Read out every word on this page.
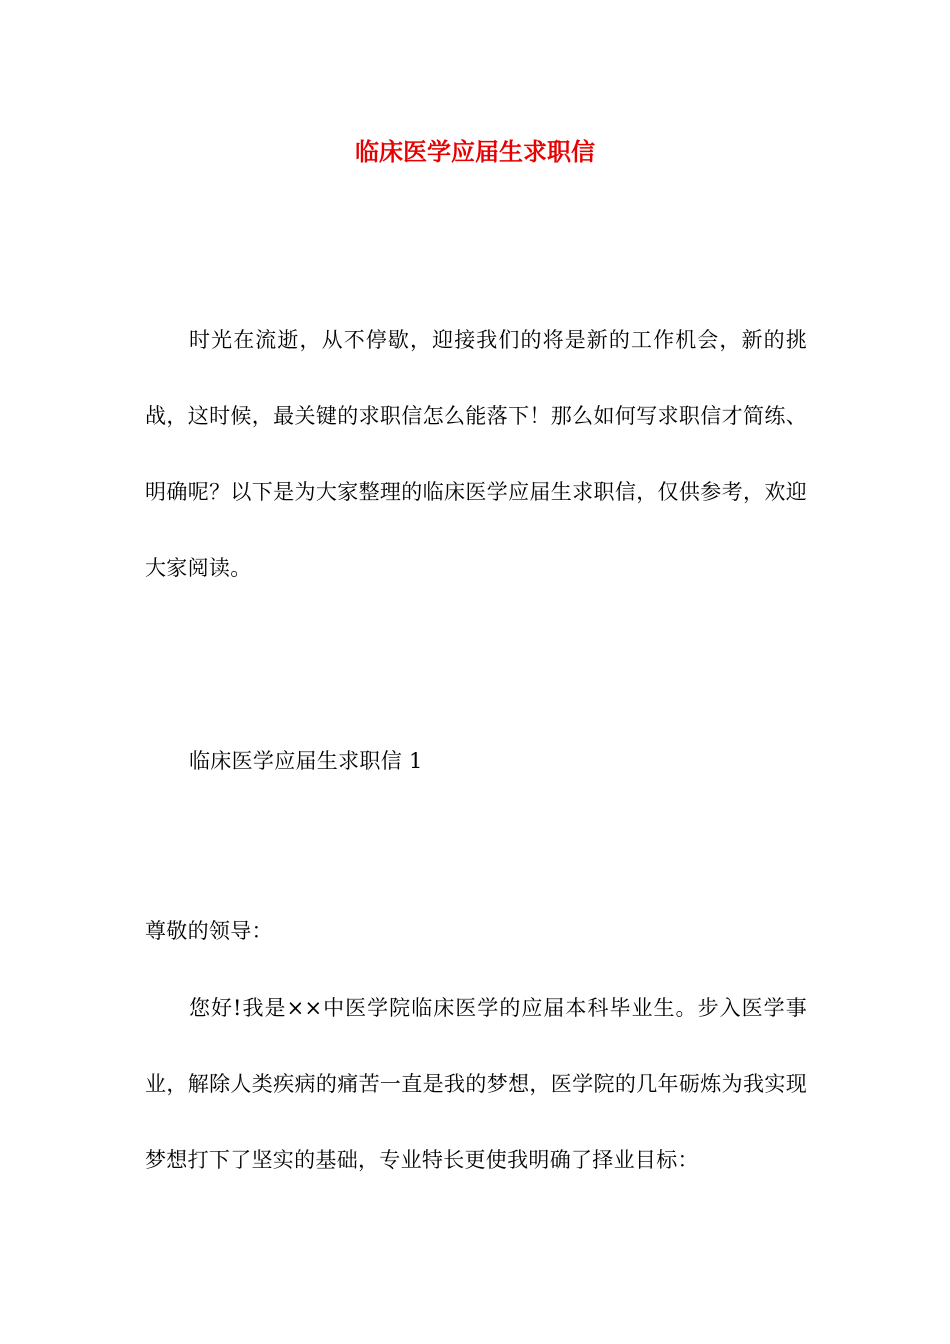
临床医学应届生求职信

时光在流逝，从不停歇，迎接我们的将是新的工作机会，新的挑战，这时候，最关键的求职信怎么能落下！那么如何写求职信才简练、明确呢？以下是为大家整理的临床医学应届生求职信，仅供参考，欢迎大家阅读。

临床医学应届生求职信 1

尊敬的领导：

您好!我是××中医学院临床医学的应届本科毕业生。步入医学事业，解除人类疾病的痛苦一直是我的梦想，医学院的几年砺炼为我实现梦想打下了坚实的基础，专业特长更使我明确了择业目标：
